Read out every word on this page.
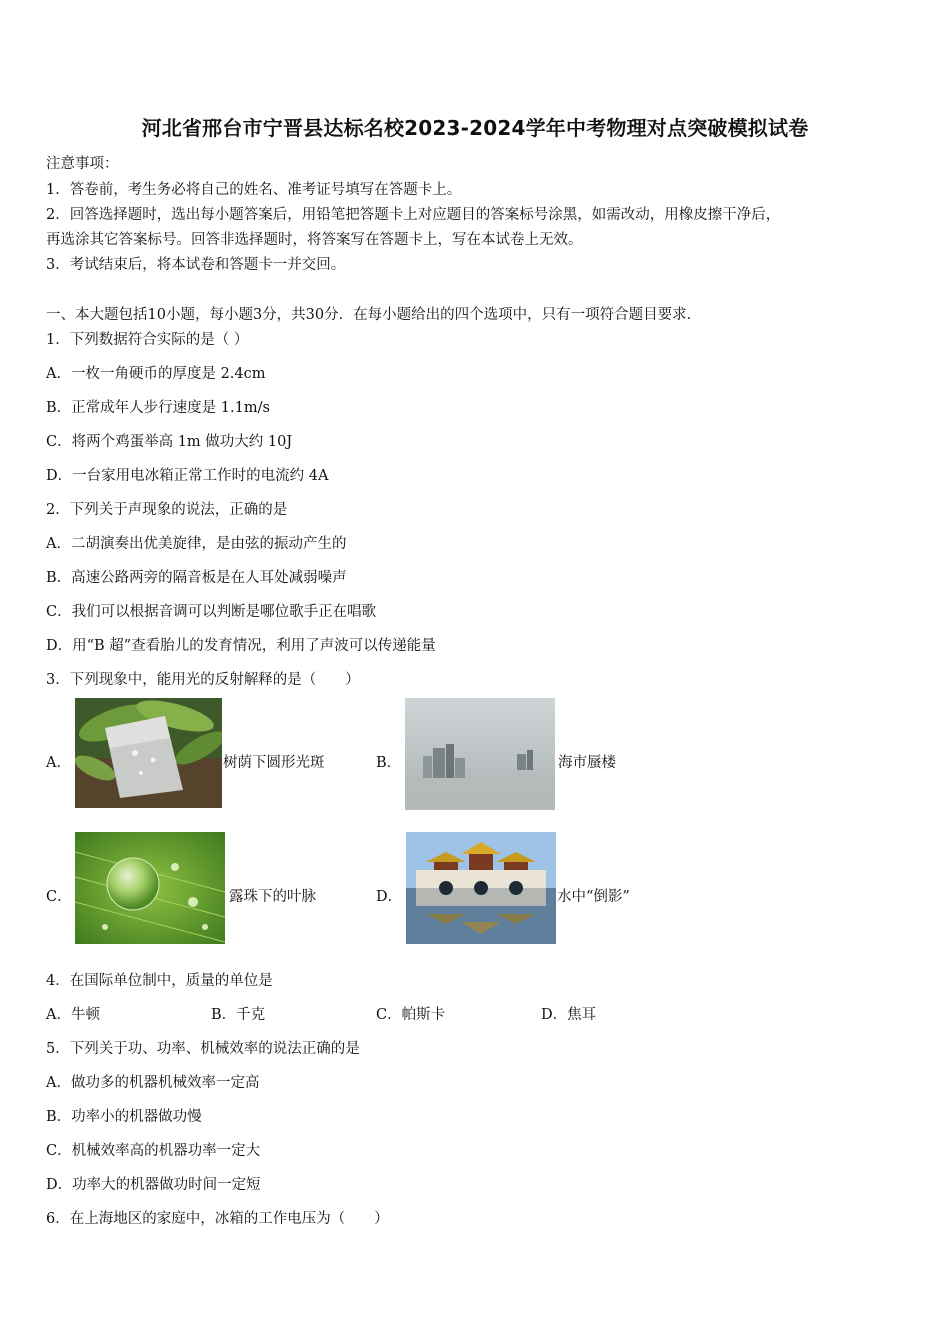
河北省邢台市宁晋县达标名校2023-2024学年中考物理对点突破模拟试卷
注意事项：
1．答卷前，考生务必将自己的姓名、准考证号填写在答题卡上。
2．回答选择题时，选出每小题答案后，用铅笔把答题卡上对应题目的答案标号涂黑，如需改动，用橡皮擦干净后，
再选涂其它答案标号。回答非选择题时，将答案写在答题卡上，写在本试卷上无效。
3．考试结束后，将本试卷和答题卡一并交回。
一、本大题包括10小题，每小题3分，共30分．在每小题给出的四个选项中，只有一项符合题目要求．
1．下列数据符合实际的是（ ）
A．一枚一角硬币的厚度是 2.4cm
B．正常成年人步行速度是 1.1m/s
C．将两个鸡蛋举高 1m 做功大约 10J
D．一台家用电冰箱正常工作时的电流约 4A
2．下列关于声现象的说法，正确的是
A．二胡演奏出优美旋律，是由弦的振动产生的
B．高速公路两旁的隔音板是在人耳处减弱噪声
C．我们可以根据音调可以判断是哪位歌手正在唱歌
D．用“B 超”查看胎儿的发育情况，利用了声波可以传递能量
3．下列现象中，能用光的反射解释的是（　　）
A．	树荫下圆形光斑	B．	海市蜃楼
C．	露珠下的叶脉	D．	水中“倒影”
4．在国际单位制中，质量的单位是
A．牛顿	B．千克	C．帕斯卡	D．焦耳
5．下列关于功、功率、机械效率的说法正确的是
A．做功多的机器机械效率一定高
B．功率小的机器做功慢
C．机械效率高的机器功率一定大
D．功率大的机器做功时间一定短
6．在上海地区的家庭中，冰箱的工作电压为（　　）
